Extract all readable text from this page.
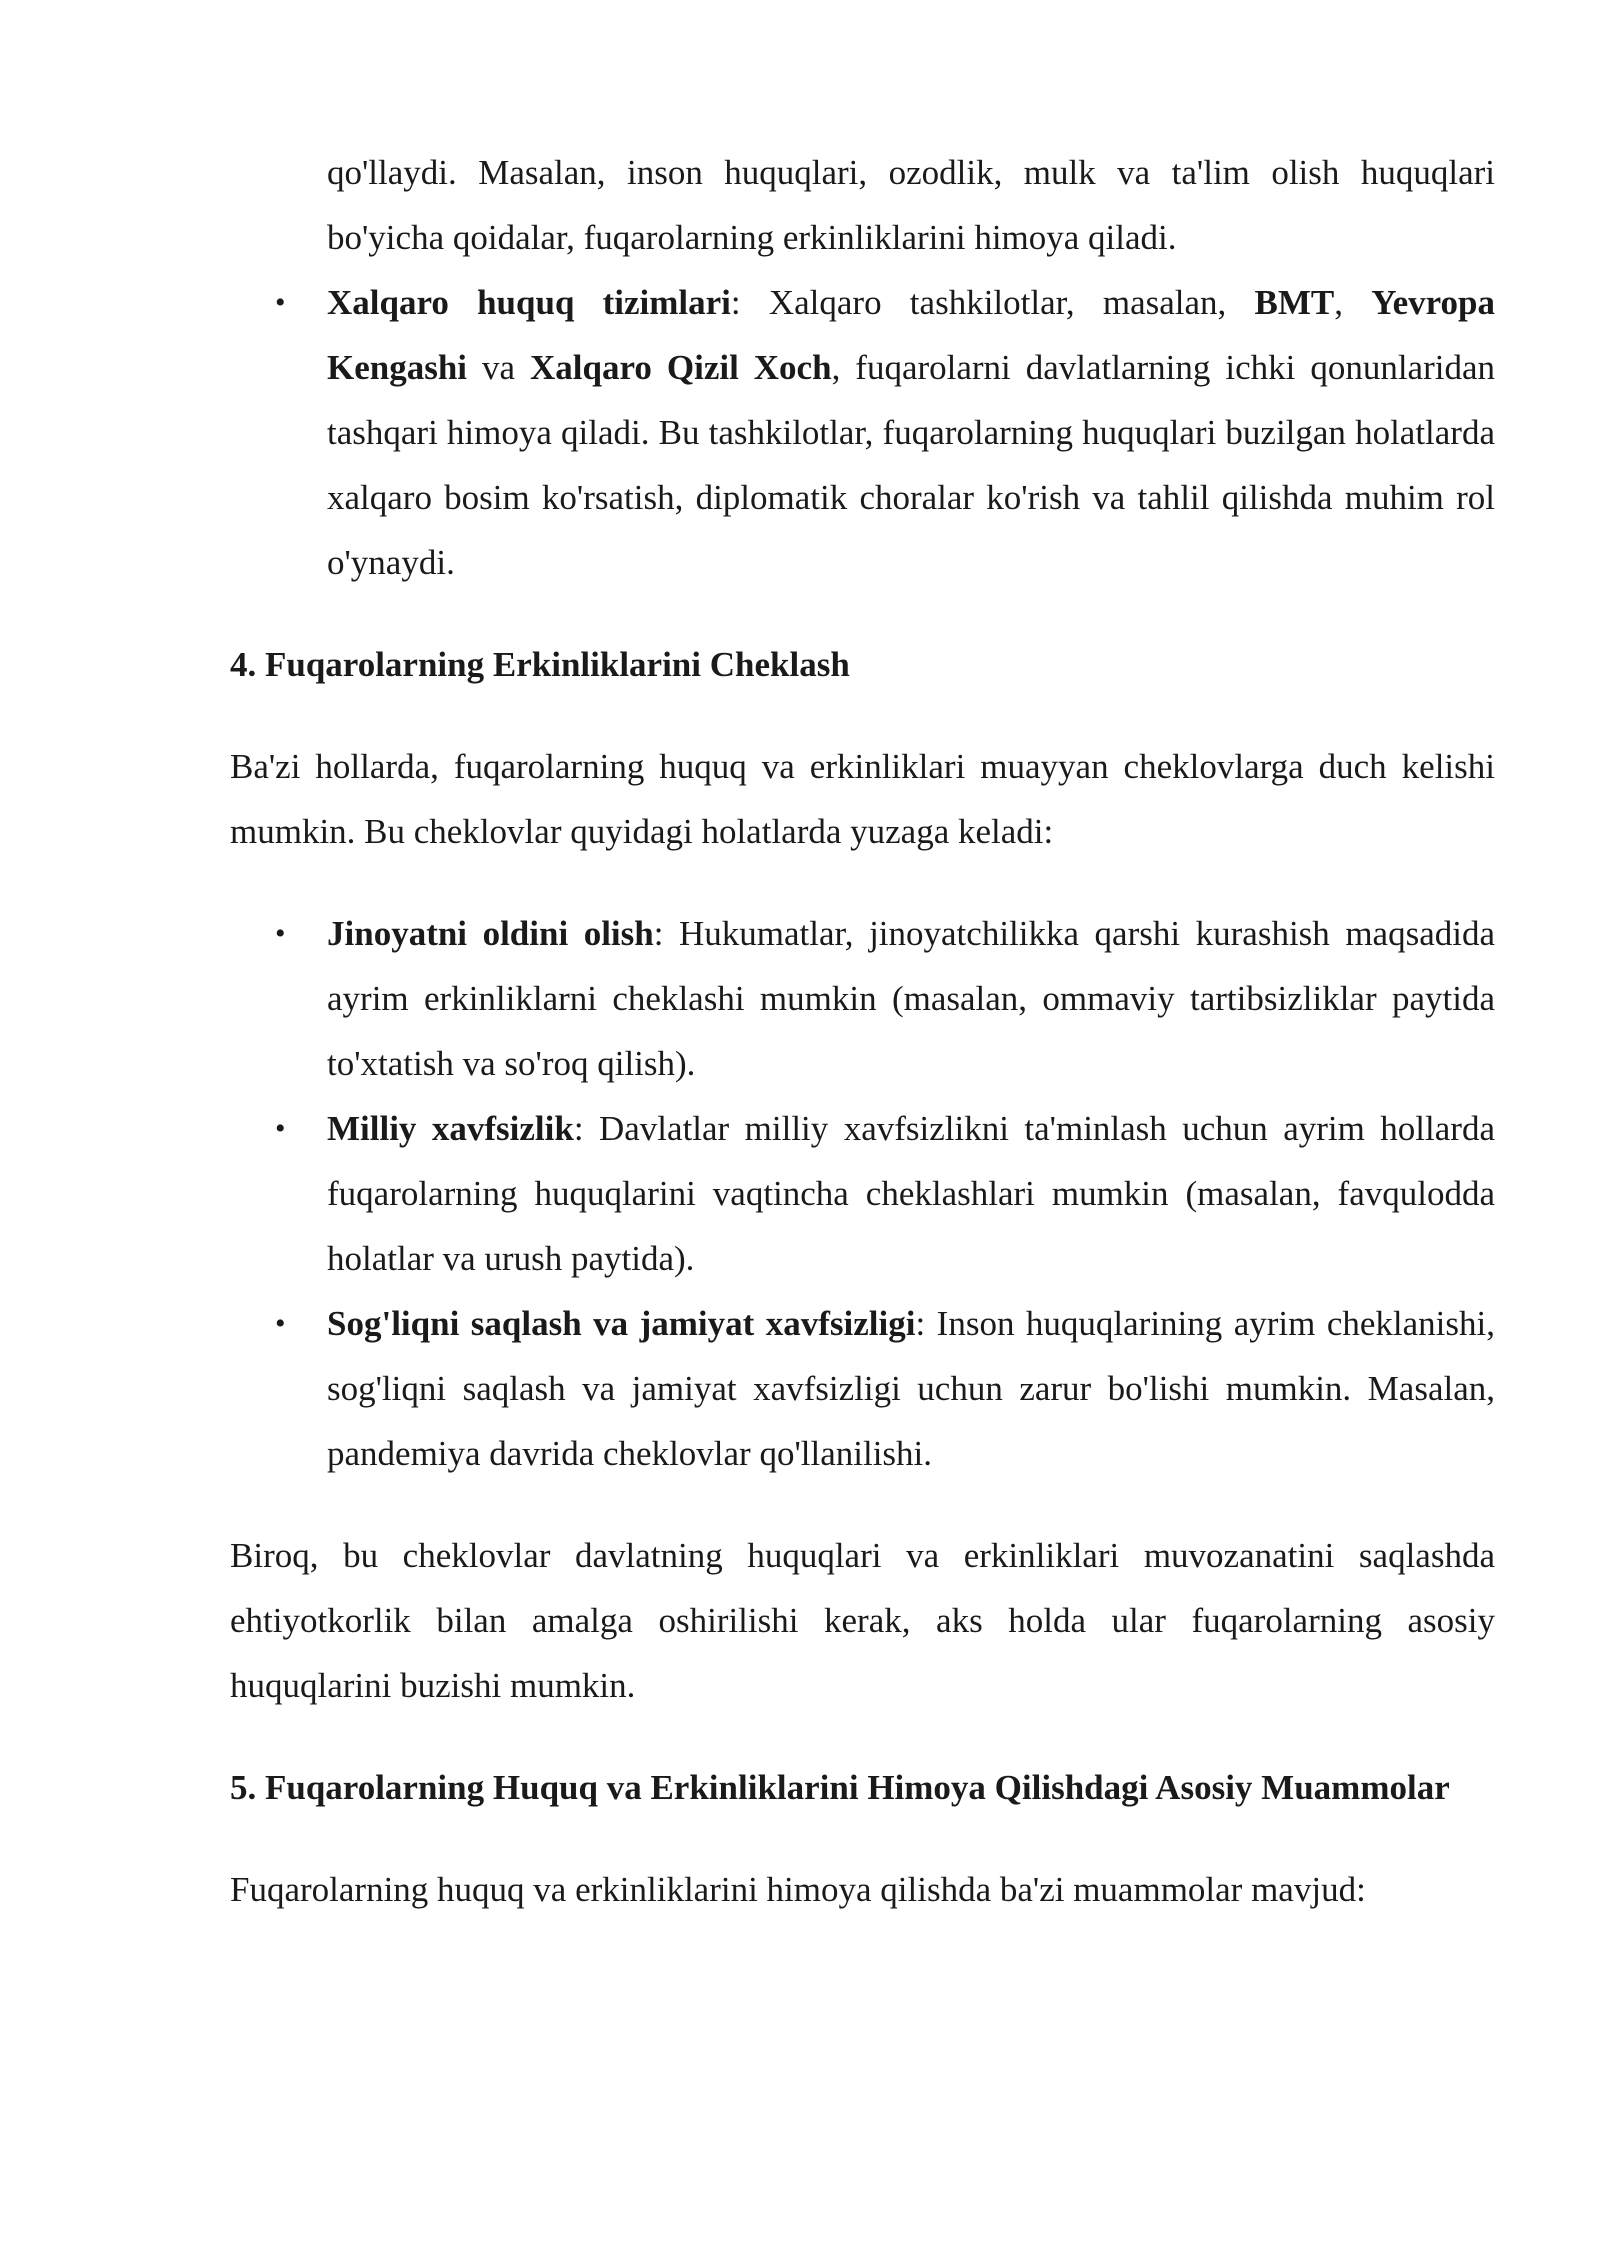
qo'llaydi. Masalan, inson huquqlari, ozodlik, mulk va ta'lim olish huquqlari bo'yicha qoidalar, fuqarolarning erkinliklarini himoya qiladi.

• Xalqaro huquq tizimlari: Xalqaro tashkilotlar, masalan, BMT, Yevropa Kengashi va Xalqaro Qizil Xoch, fuqarolarni davlatlarning ichki qonunlaridan tashqari himoya qiladi. Bu tashkilotlar, fuqarolarning huquqlari buzilgan holatlarda xalqaro bosim ko'rsatish, diplomatik choralar ko'rish va tahlil qilishda muhim rol o'ynaydi.
4. Fuqarolarning Erkinliklarini Cheklash

Ba'zi hollarda, fuqarolarning huquq va erkinliklari muayyan cheklovlarga duch kelishi mumkin. Bu cheklovlar quyidagi holatlarda yuzaga keladi:

• Jinoyatni oldini olish: Hukumatlar, jinoyatchilikka qarshi kurashish maqsadida ayrim erkinliklarni cheklashi mumkin (masalan, ommaviy tartibsizliklar paytida to'xtatish va so'roq qilish).
• Milliy xavfsizlik: Davlatlar milliy xavfsizlikni ta'minlash uchun ayrim hollarda fuqarolarning huquqlarini vaqtincha cheklashlari mumkin (masalan, favqulodda holatlar va urush paytida).
• Sog'liqni saqlash va jamiyat xavfsizligi: Inson huquqlarining ayrim cheklanishi, sog'liqni saqlash va jamiyat xavfsizligi uchun zarur bo'lishi mumkin. Masalan, pandemiya davrida cheklovlar qo'llanilishi.

Biroq, bu cheklovlar davlatning huquqlari va erkinliklari muvozanatini saqlashda ehtiyotkorlik bilan amalga oshirilishi kerak, aks holda ular fuqarolarning asosiy huquqlarini buzishi mumkin.

5. Fuqarolarning Huquq va Erkinliklarini Himoya Qilishdagi Asosiy Muammolar

Fuqarolarning huquq va erkinliklarini himoya qilishda ba'zi muammolar mavjud:
